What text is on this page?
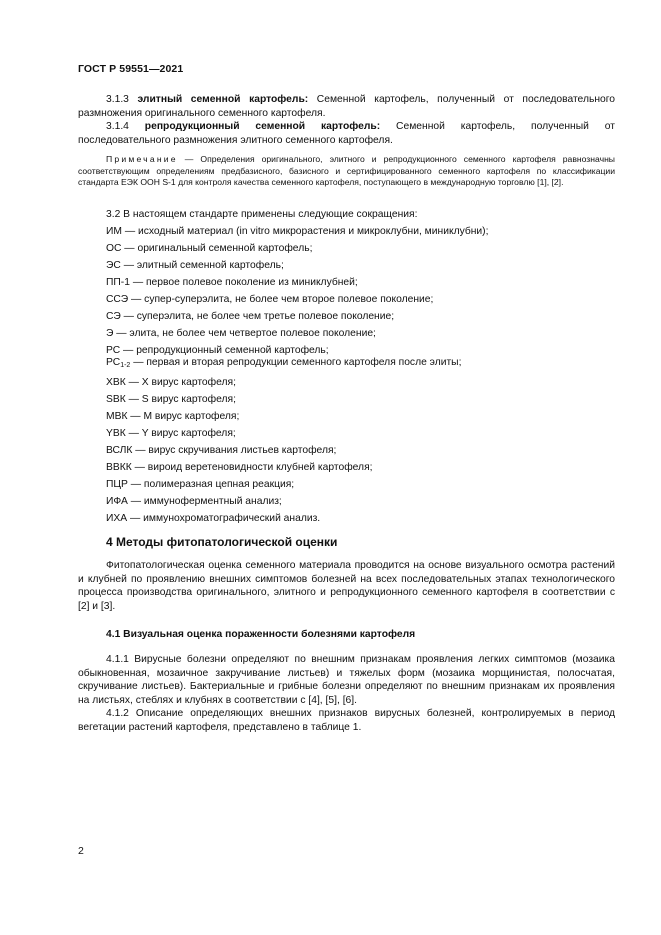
ГОСТ Р 59551—2021
3.1.3 элитный семенной картофель: Семенной картофель, полученный от последовательного размножения оригинального семенного картофеля.
3.1.4 репродукционный семенной картофель: Семенной картофель, полученный от последовательного размножения элитного семенного картофеля.
Примечание — Определения оригинального, элитного и репродукционного семенного картофеля равнозначны соответствующим определениям предбазисного, базисного и сертифицированного семенного картофеля по классификации стандарта ЕЭК ООН S-1 для контроля качества семенного картофеля, поступающего в международную торговлю [1], [2].
3.2 В настоящем стандарте применены следующие сокращения:
ИМ — исходный материал (in vitro микрорастения и микроклубни, миниклубни);
ОС — оригинальный семенной картофель;
ЭС — элитный семенной картофель;
ПП-1 — первое полевое поколение из миниклубней;
ССЭ — супер-суперэлита, не более чем второе полевое поколение;
СЭ — суперэлита, не более чем третье полевое поколение;
Э — элита, не более чем четвертое полевое поколение;
РС — репродукционный семенной картофель;
$РС_{1-2}$ — первая и вторая репродукции семенного картофеля после элиты;
ХВК — Х вирус картофеля;
SВК — S вирус картофеля;
МВК — М вирус картофеля;
YВК — Y вирус картофеля;
ВСЛК — вирус скручивания листьев картофеля;
ВВКК — вироид веретеновидности клубней картофеля;
ПЦР — полимеразная цепная реакция;
ИФА — иммуноферментный анализ;
ИХА — иммунохроматографический анализ.
4 Методы фитопатологической оценки
Фитопатологическая оценка семенного материала проводится на основе визуального осмотра растений и клубней по проявлению внешних симптомов болезней на всех последовательных этапах технологического процесса производства оригинального, элитного и репродукционного семенного картофеля в соответствии с [2] и [3].
4.1 Визуальная оценка пораженности болезнями картофеля
4.1.1 Вирусные болезни определяют по внешним признакам проявления легких симптомов (мозаика обыкновенная, мозаичное закручивание листьев) и тяжелых форм (мозаика морщинистая, полосчатая, скручивание листьев). Бактериальные и грибные болезни определяют по внешним признакам их проявления на листьях, стеблях и клубнях в соответствии с [4], [5], [6].
4.1.2 Описание определяющих внешних признаков вирусных болезней, контролируемых в период вегетации растений картофеля, представлено в таблице 1.
2
